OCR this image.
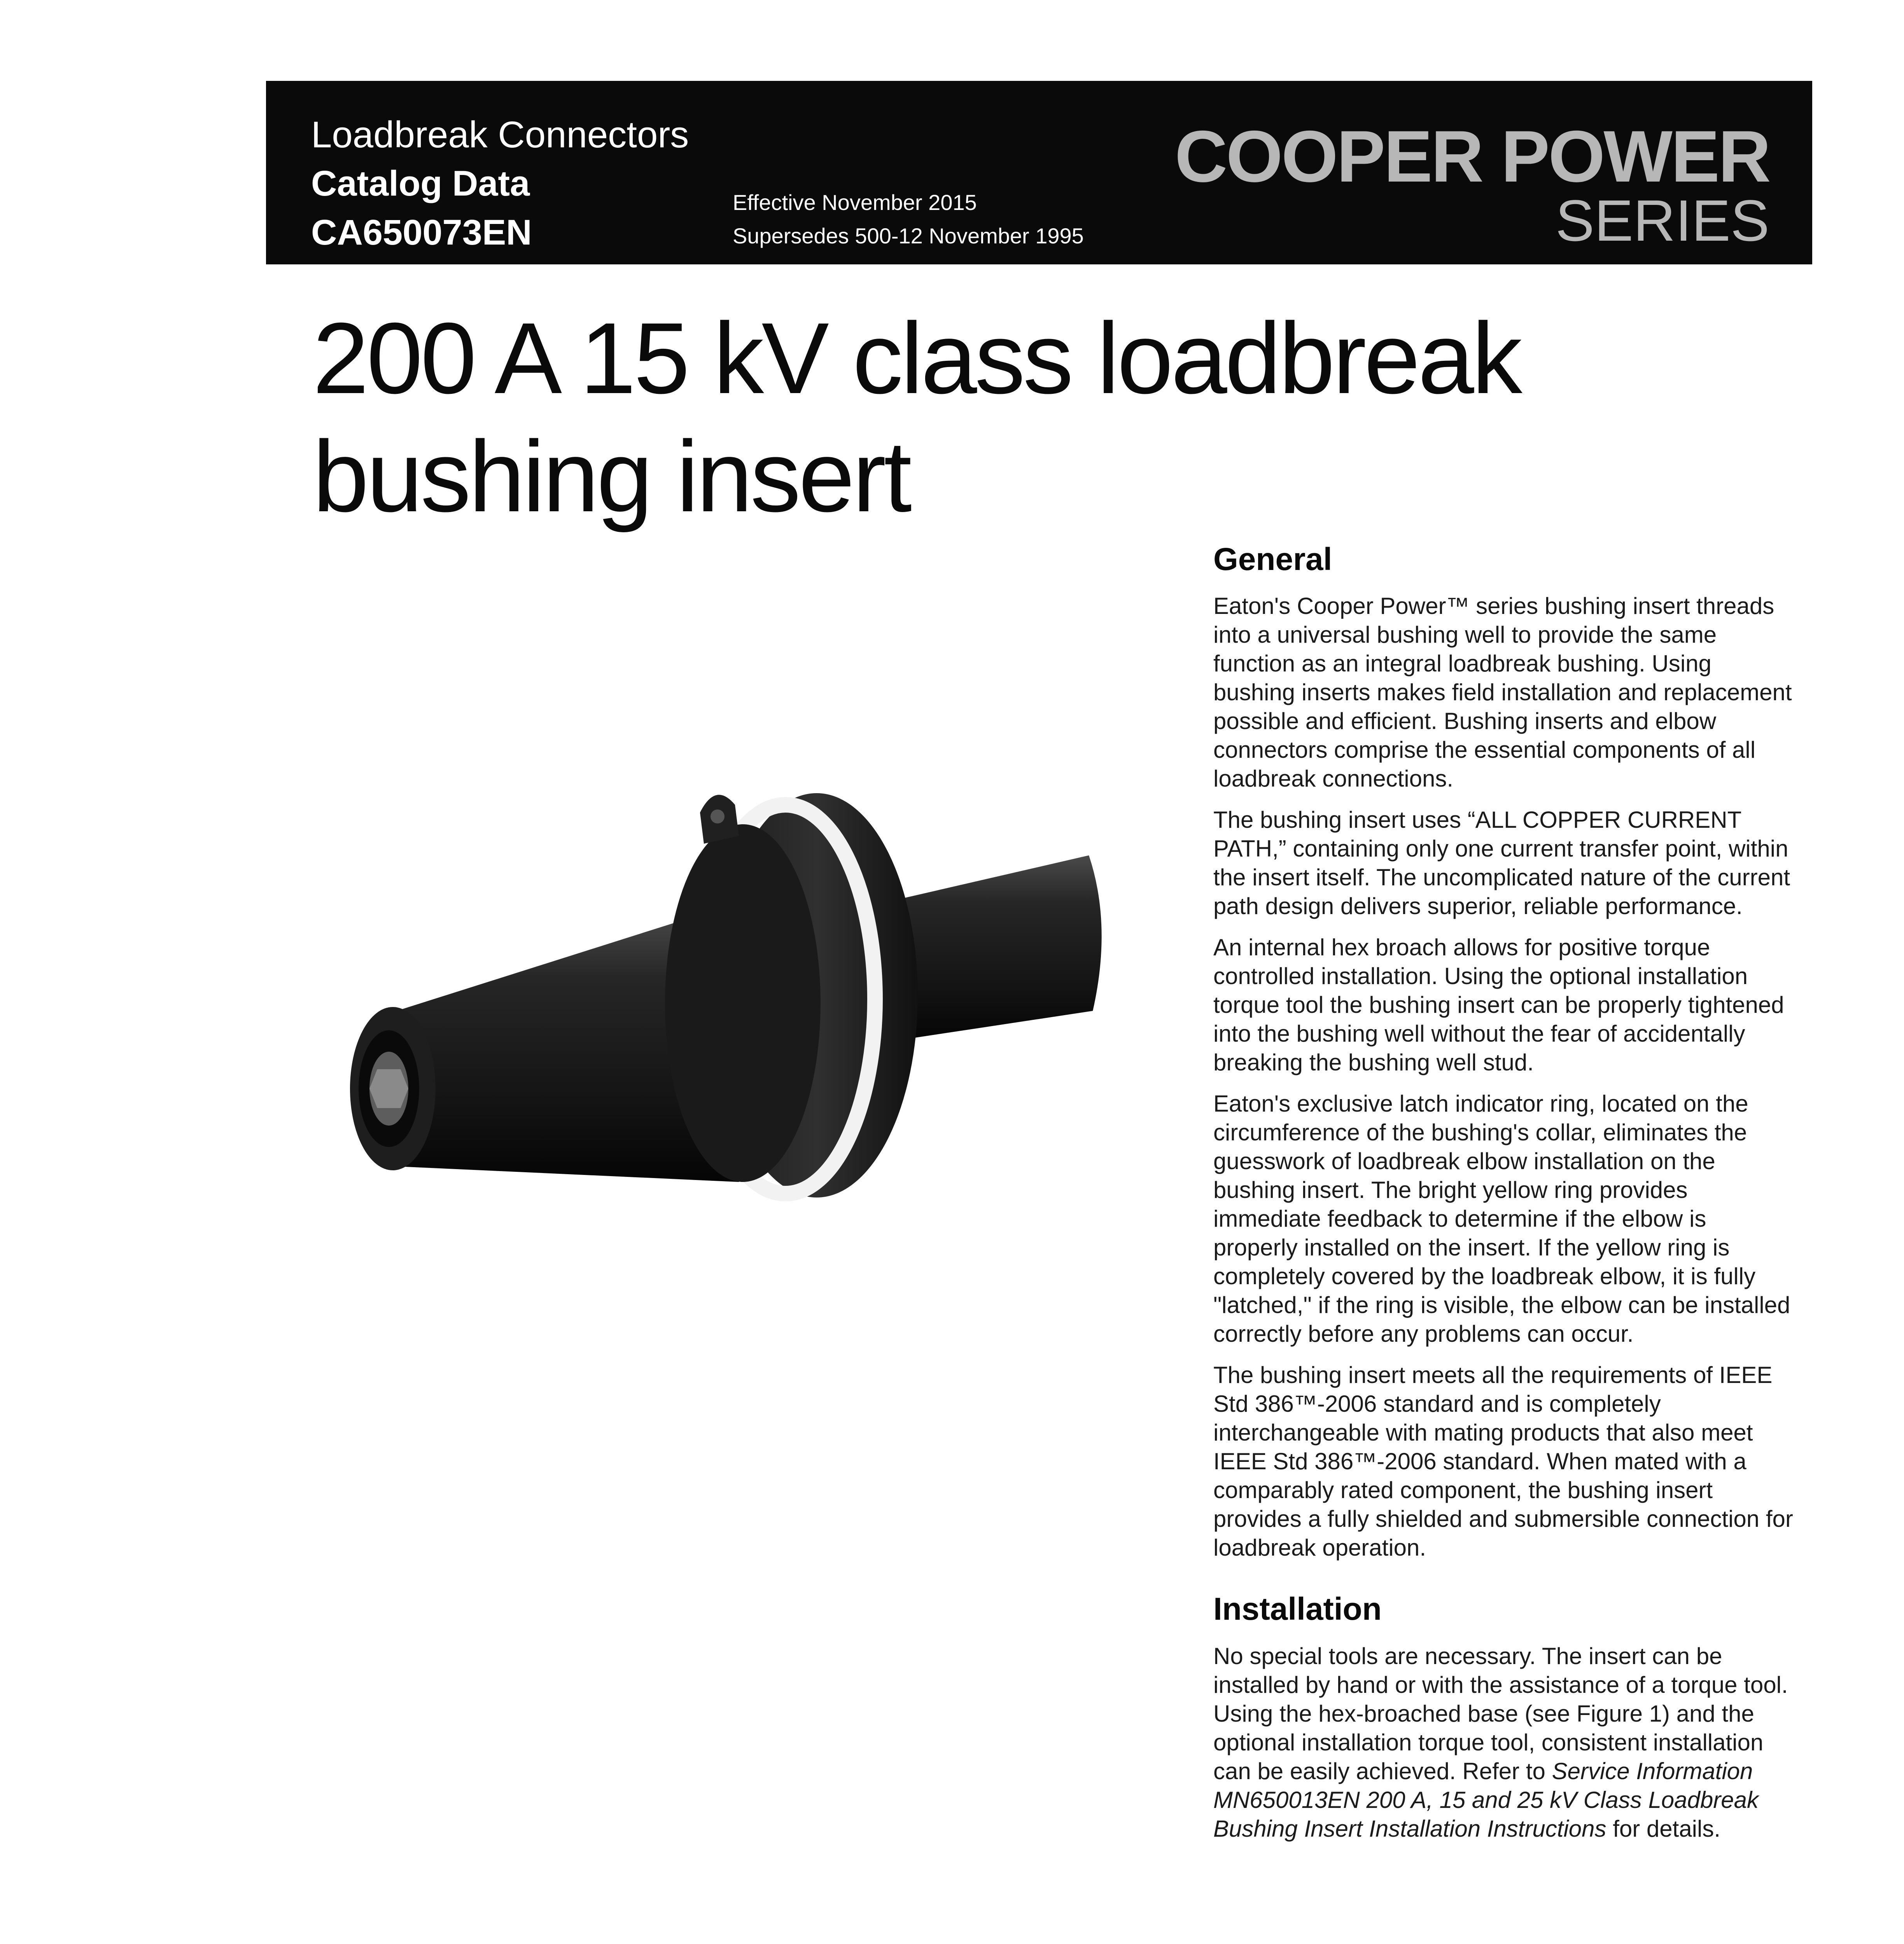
Loadbreak Connectors
Catalog Data
CA650073EN
Effective November 2015
Supersedes 500-12 November 1995
COOPER POWER
SERIES
200 A 15 kV class loadbreak bushing insert
General

Eaton's Cooper Power™ series bushing insert threads into a universal bushing well to provide the same function as an integral loadbreak bushing. Using bushing inserts makes field installation and replacement possible and efficient. Bushing inserts and elbow connectors comprise the essential components of all loadbreak connections.

The bushing insert uses “ALL COPPER CURRENT PATH,” containing only one current transfer point, within the insert itself. The uncomplicated nature of the current path design delivers superior, reliable performance.

An internal hex broach allows for positive torque controlled installation. Using the optional installation torque tool the bushing insert can be properly tightened into the bushing well without the fear of accidentally breaking the bushing well stud.

Eaton's exclusive latch indicator ring, located on the circumference of the bushing's collar, eliminates the guesswork of loadbreak elbow installation on the bushing insert. The bright yellow ring provides immediate feedback to determine if the elbow is properly installed on the insert. If the yellow ring is completely covered by the loadbreak elbow, it is fully "latched," if the ring is visible, the elbow can be installed correctly before any problems can occur.

The bushing insert meets all the requirements of IEEE Std 386™-2006 standard and is completely interchangeable with mating products that also meet IEEE Std 386™-2006 standard. When mated with a comparably rated component, the bushing insert provides a fully shielded and submersible connection for loadbreak operation.

Installation

No special tools are necessary. The insert can be installed by hand or with the assistance of a torque tool. Using the hex-broached base (see Figure 1) and the optional installation torque tool, consistent installation can be easily achieved. Refer to Service Information MN650013EN 200 A, 15 and 25 kV Class Loadbreak Bushing Insert Installation Instructions for details.
